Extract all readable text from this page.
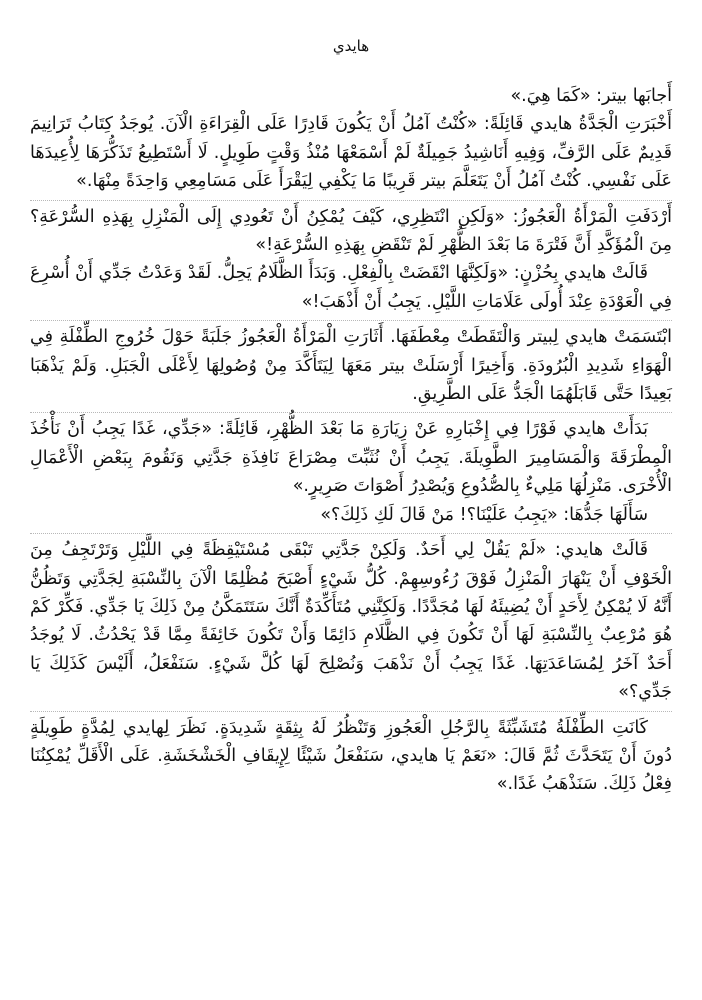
هايدي

أَجابَها بيتر: «كَمَا هِيَ.»

أَخْبَرَتِ الْجَدَّةُ هايدي قَائِلَةً: «كُنْتُ آمُلُ أَنْ يَكُونَ قَادِرًا عَلَى الْقِرَاءَةِ الْآنَ. يُوجَدُ كِتَابُ تَرَانِيمَ قَدِيمٌ عَلَى الرَّفِّ، وَفِيهِ أَنَاشِيدُ جَمِيلَةٌ لَمْ أَسْمَعْهَا مُنْذُ وَقْتٍ طَوِيلٍ. لَا أَسْتَطِيعُ تَذَكُّرَهَا لِأُعِيدَهَا عَلَى نَفْسِي. كُنْتُ آمُلُ أَنْ يَتَعَلَّمَ بيتر قَرِيبًا مَا يَكْفِي لِيَقْرَأَ عَلَى مَسَامِعِي وَاحِدَةً مِنْهَا.»

أَرْدَفَتِ الْمَرْأَةُ الْعَجُوزُ: «وَلَكِنِ انْتَظِرِي، كَيْفَ يُمْكِنُ أَنْ تَعُودِي إِلَى الْمَنْزِلِ بِهَذِهِ السُّرْعَةِ؟ مِنَ الْمُؤَكَّدِ أَنَّ فَتْرَةَ مَا بَعْدَ الظُّهْرِ لَمْ تَنْقَضِ بِهَذِهِ السُّرْعَةِ!»

قَالَتْ هايدي بِحُزْنٍ: «وَلَكِنَّهَا انْقَضَتْ بِالْفِعْلِ. وَبَدَأَ الظَّلَامُ يَحِلُّ. لَقَدْ وَعَدْتُ جَدِّي أَنْ أُسْرِعَ فِي الْعَوْدَةِ عِنْدَ أُولَى عَلَامَاتِ اللَّيْلِ. يَجِبُ أَنْ أَذْهَبَ!»

ابْتَسَمَتْ هايدي لِبيتر وَالْتَقَطَتْ مِعْطَفَهَا. أَثَارَتِ الْمَرْأَةُ الْعَجُوزُ جَلَبَةً حَوْلَ خُرُوجِ الطِّفْلَةِ فِي الْهَوَاءِ شَدِيدِ الْبُرُودَةِ. وَأَخِيرًا أَرْسَلَتْ بيتر مَعَهَا لِيَتَأَكَّدَ مِنْ وُصُولِهَا لِأَعْلَى الْجَبَلِ. وَلَمْ يَذْهَبَا بَعِيدًا حَتَّى قَابَلَهُمَا الْجَدُّ عَلَى الطَّرِيقِ.

بَدَأَتْ هايدي فَوْرًا فِي إِخْبَارِهِ عَنْ زِيَارَةِ مَا بَعْدَ الظُّهْرِ، قَائِلَةً: «جَدِّي، غَدًا يَجِبُ أَنْ نَأْخُذَ الْمِطْرَقَةَ وَالْمَسَامِيرَ الطَّوِيلَةَ. يَجِبُ أَنْ نُثَبِّتَ مِصْرَاعَ نَافِذَةِ جَدَّتِي وَنَقُومَ بِبَعْضِ الْأَعْمَالِ الْأُخْرَى. مَنْزِلُهَا مَلِيءٌ بِالصُّدُوعِ وَيُصْدِرُ أَصْوَاتَ صَرِيرٍ.»

سَأَلَهَا جَدُّهَا: «يَجِبُ عَلَيْنَا؟! مَنْ قَالَ لَكِ ذَلِكَ؟»

قَالَتْ هايدي: «لَمْ يَقُلْ لِي أَحَدٌ. وَلَكِنْ جَدَّتِي تَبْقَى مُسْتَيْقِظَةً فِي اللَّيْلِ وَتَرْتَجِفُ مِنَ الْخَوْفِ أَنْ يَنْهَارَ الْمَنْزِلُ فَوْقَ رُءُوسِهِمْ. كُلُّ شَيْءٍ أَصْبَحَ مُظْلِمًا الْآنَ بِالنِّسْبَةِ لِجَدَّتِي وَتَظُنُّ أَنَّهُ لَا يُمْكِنُ لِأَحَدٍ أَنْ يُضِيئَهُ لَهَا مُجَدَّدًا. وَلَكِنَّنِي مُتَأَكِّدَةٌ أَنَّكَ سَتَتَمَكَّنُ مِنْ ذَلِكَ يَا جَدِّي. فَكِّرْ كَمْ هُوَ مُرْعِبٌ بِالنِّسْبَةِ لَهَا أَنْ تَكُونَ فِي الظَّلَامِ دَائِمًا وَأَنْ تَكُونَ خَائِفَةً مِمَّا قَدْ يَحْدُثُ. لَا يُوجَدُ أَحَدٌ آخَرُ لِمُسَاعَدَتِهَا. غَدًا يَجِبُ أَنْ نَذْهَبَ وَنُصْلِحَ لَهَا كُلَّ شَيْءٍ. سَنَفْعَلُ، أَلَيْسَ كَذَلِكَ يَا جَدِّي؟»

كَانَتِ الطِّفْلَةُ مُتَشَبِّثَةً بِالرَّجُلِ الْعَجُوزِ وَتَنْظُرُ لَهُ بِثِقَةٍ شَدِيدَةٍ. نَظَرَ لِهايدي لِمُدَّةٍ طَوِيلَةٍ دُونَ أَنْ يَتَحَدَّثَ ثُمَّ قَالَ: «نَعَمْ يَا هايدي، سَنَفْعَلُ شَيْئًا لِإِيقَافِ الْخَشْخَشَةِ. عَلَى الْأَقَلِّ يُمْكِنُنَا فِعْلُ ذَلِكَ. سَنَذْهَبُ غَدًا.»
